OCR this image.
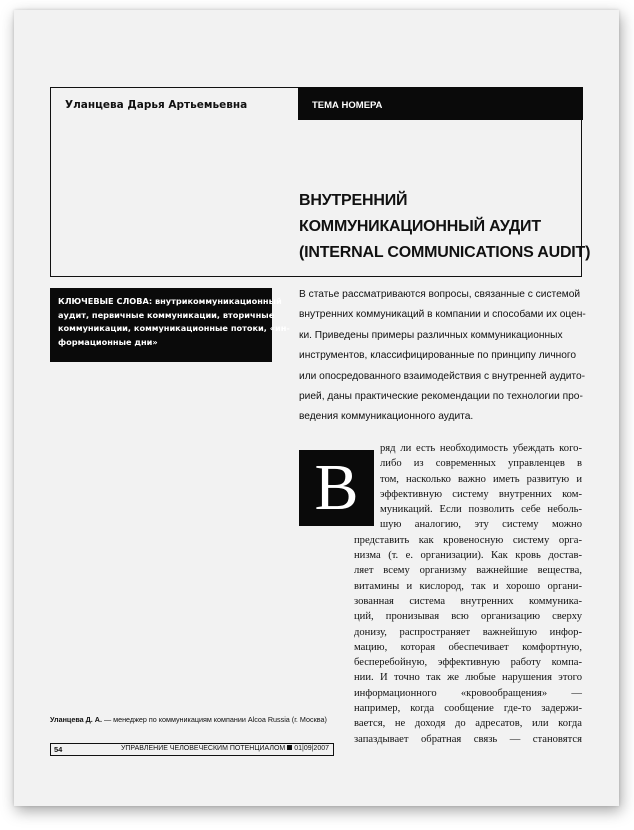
Уланцева Дарья Артьемьевна	ТЕМА НОМЕРА
ВНУТРЕННИЙ
КОММУНИКАЦИОННЫЙ АУДИТ
(INTERNAL COMMUNICATIONS AUDIT)
КЛЮЧЕВЫЕ СЛОВА: внутрикоммуникационный
аудит, первичные коммуникации, вторичные
коммуникации, коммуникационные потоки, «ин-
формационные дни»
В статье рассматриваются вопросы, связанные с системой
внутренних коммуникаций в компании и способами их оцен-
ки. Приведены примеры различных коммуникационных
инструментов, классифицированные по принципу личного
или опосредованного взаимодействия с внутренней аудито-
рией, даны практические рекомендации по технологии про-
ведения коммуникационного аудита.
В
ряд ли есть необходимость убеждать кого-
либо из современных управленцев в
том, насколько важно иметь развитую и
эффективную систему внутренних ком-
муникаций. Если позволить себе неболь-
шую аналогию, эту систему можно
представить как кровеносную систему орга-
низма (т. е. организации). Как кровь достав-
ляет всему организму важнейшие вещества,
витамины и кислород, так и хорошо органи-
зованная система внутренних коммуника-
ций, пронизывая всю организацию сверху
донизу, распространяет важнейшую инфор-
мацию, которая обеспечивает комфортную,
бесперебойную, эффективную работу компа-
нии. И точно так же любые нарушения этого
информационного «кровообращения» —
например, когда сообщение где-то задержи-
вается, не доходя до адресатов, или когда
запаздывает обратная связь — становятся
Уланцева Д. А. — менеджер по коммуникациям компании Alcoa Russia (г. Москва)
54	УПРАВЛЕНИЕ ЧЕЛОВЕЧЕСКИМ ПОТЕНЦИАЛОМ 01|09|2007
